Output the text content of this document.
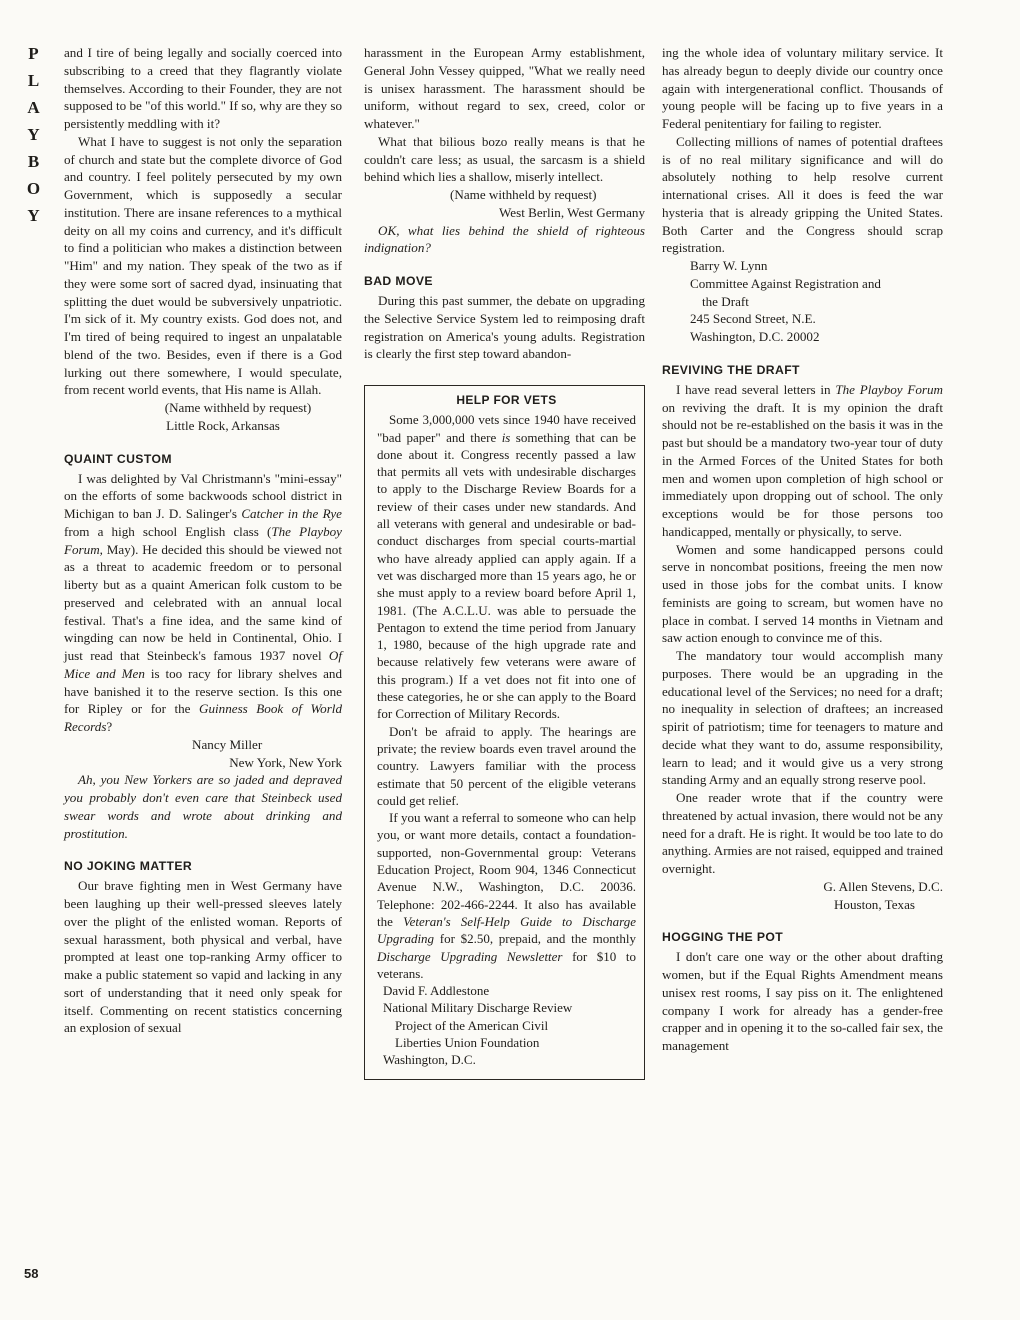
P
L
A
Y
B
O
Y
58

and I tire of being legally and socially coerced into subscribing to a creed that they flagrantly violate themselves. According to their Founder, they are not supposed to be "of this world." If so, why are they so persistently meddling with it?

What I have to suggest is not only the separation of church and state but the complete divorce of God and country. I feel politely persecuted by my own Government, which is supposedly a secular institution. There are insane references to a mythical deity on all my coins and currency, and it's difficult to find a politician who makes a distinction between "Him" and my nation. They speak of the two as if they were some sort of sacred dyad, insinuating that splitting the duet would be subversively unpatriotic. I'm sick of it. My country exists. God does not, and I'm tired of being required to ingest an unpalatable blend of the two. Besides, even if there is a God lurking out there somewhere, I would speculate, from recent world events, that His name is Allah.

(Name withheld by request)
Little Rock, Arkansas
QUAINT CUSTOM

I was delighted by Val Christmann's "mini-essay" on the efforts of some backwoods school district in Michigan to ban J. D. Salinger's Catcher in the Rye from a high school English class (The Playboy Forum, May). He decided this should be viewed not as a threat to academic freedom or to personal liberty but as a quaint American folk custom to be preserved and celebrated with an annual local festival. That's a fine idea, and the same kind of wingding can now be held in Continental, Ohio. I just read that Steinbeck's famous 1937 novel Of Mice and Men is too racy for library shelves and have banished it to the reserve section. Is this one for Ripley or for the Guinness Book of World Records?

Nancy Miller
New York, New York

Ah, you New Yorkers are so jaded and depraved you probably don't even care that Steinbeck used swear words and wrote about drinking and prostitution.

NO JOKING MATTER

Our brave fighting men in West Germany have been laughing up their well-pressed sleeves lately over the plight of the enlisted woman. Reports of sexual harassment, both physical and verbal, have prompted at least one top-ranking Army officer to make a public statement so vapid and lacking in any sort of understanding that it need only speak for itself. Commenting on recent statistics concerning an explosion of sexual

harassment in the European Army establishment, General John Vessey quipped, "What we really need is unisex harassment. The harassment should be uniform, without regard to sex, creed, color or whatever."

What that bilious bozo really means is that he couldn't care less; as usual, the sarcasm is a shield behind which lies a shallow, miserly intellect.

(Name withheld by request)
West Berlin, West Germany

OK, what lies behind the shield of righteous indignation?

BAD MOVE

During this past summer, the debate on upgrading the Selective Service System led to reimposing draft registration on America's young adults. Registration is clearly the first step toward abandon-

HELP FOR VETS

Some 3,000,000 vets since 1940 have received "bad paper" and there is something that can be done about it. Congress recently passed a law that permits all vets with undesirable discharges to apply to the Discharge Review Boards for a review of their cases under new standards. And all veterans with general and undesirable or bad-conduct discharges from special courts-martial who have already applied can apply again. If a vet was discharged more than 15 years ago, he or she must apply to a review board before April 1, 1981. (The A.C.L.U. was able to persuade the Pentagon to extend the time period from January 1, 1980, because of the high upgrade rate and because relatively few veterans were aware of this program.) If a vet does not fit into one of these categories, he or she can apply to the Board for Correction of Military Records.

Don't be afraid to apply. The hearings are private; the review boards even travel around the country. Lawyers familiar with the process estimate that 50 percent of the eligible veterans could get relief.

If you want a referral to someone who can help you, or want more details, contact a foundation-supported, non-Governmental group: Veterans Education Project, Room 904, 1346 Connecticut Avenue N.W., Washington, D.C. 20036. Telephone: 202-466-2244. It also has available the Veteran's Self-Help Guide to Discharge Upgrading for $2.50, prepaid, and the monthly Discharge Upgrading Newsletter for $10 to veterans.

David F. Addlestone
National Military Discharge Review
Project of the American Civil
Liberties Union Foundation
Washington, D.C.

ing the whole idea of voluntary military service. It has already begun to deeply divide our country once again with intergenerational conflict. Thousands of young people will be facing up to five years in a Federal penitentiary for failing to register.

Collecting millions of names of potential draftees is of no real military significance and will do absolutely nothing to help resolve current international crises. All it does is feed the war hysteria that is already gripping the United States. Both Carter and the Congress should scrap registration.

Barry W. Lynn
Committee Against Registration and
the Draft
245 Second Street, N.E.
Washington, D.C. 20002
REVIVING THE DRAFT

I have read several letters in The Playboy Forum on reviving the draft. It is my opinion the draft should not be re-established on the basis it was in the past but should be a mandatory two-year tour of duty in the Armed Forces of the United States for both men and women upon completion of high school or immediately upon dropping out of school. The only exceptions would be for those persons too handicapped, mentally or physically, to serve.

Women and some handicapped persons could serve in noncombat positions, freeing the men now used in those jobs for the combat units. I know feminists are going to scream, but women have no place in combat. I served 14 months in Vietnam and saw action enough to convince me of this.

The mandatory tour would accomplish many purposes. There would be an upgrading in the educational level of the Services; no need for a draft; no inequality in selection of draftees; an increased spirit of patriotism; time for teenagers to mature and decide what they want to do, assume responsibility, learn to lead; and it would give us a very strong standing Army and an equally strong reserve pool.

One reader wrote that if the country were threatened by actual invasion, there would not be any need for a draft. He is right. It would be too late to do anything. Armies are not raised, equipped and trained overnight.

G. Allen Stevens, D.C.
Houston, Texas
HOGGING THE POT

I don't care one way or the other about drafting women, but if the Equal Rights Amendment means unisex rest rooms, I say piss on it. The enlightened company I work for already has a gender-free crapper and in opening it to the so-called fair sex, the management
